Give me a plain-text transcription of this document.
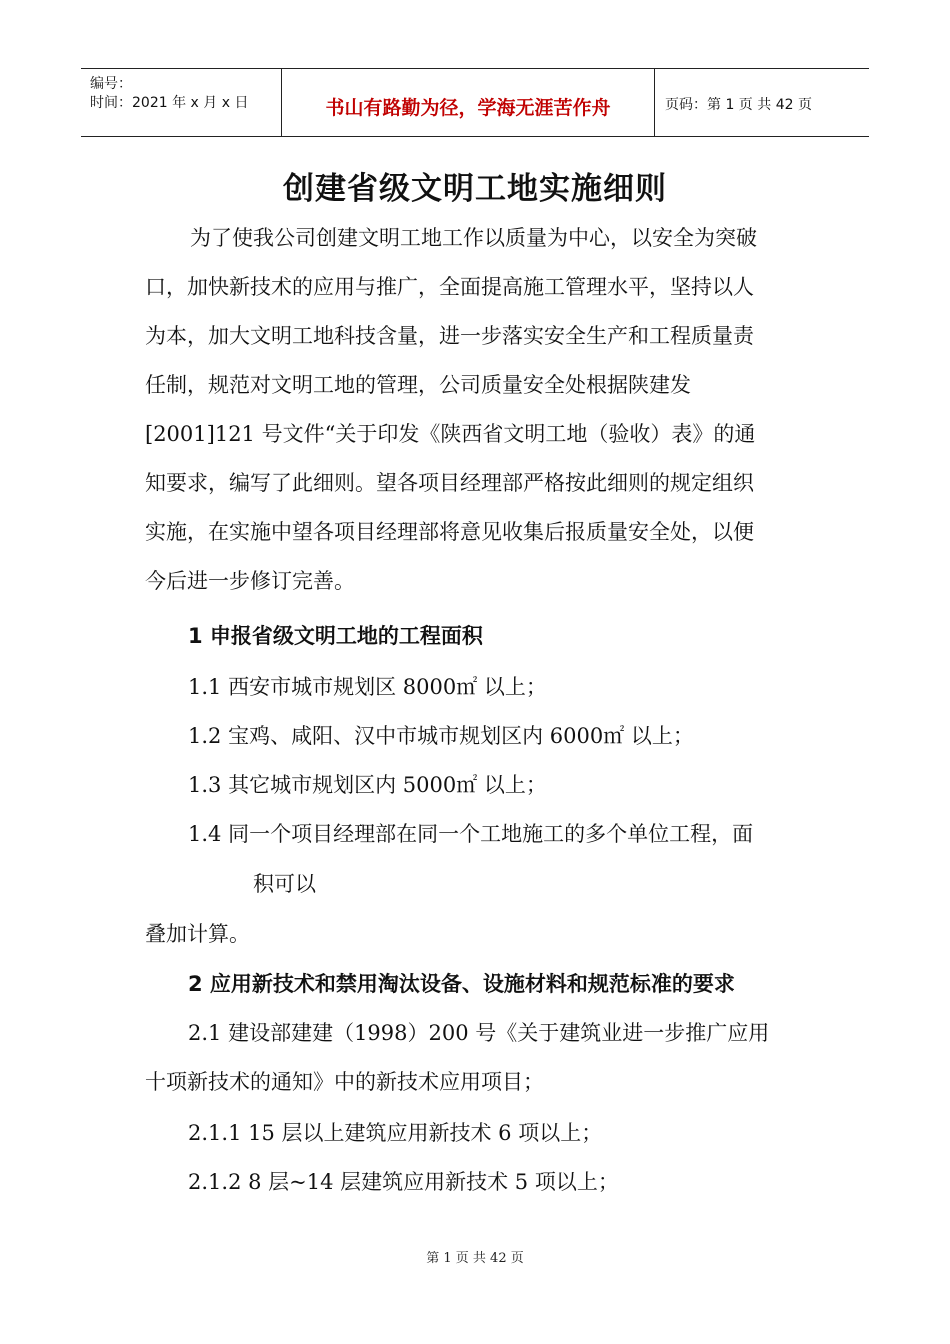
编号：
时间：2021 年 x 月 x 日	书山有路勤为径，学海无涯苦作舟	页码：第 1 页 共 42 页
创建省级文明工地实施细则
为了使我公司创建文明工地工作以质量为中心，以安全为突破
口，加快新技术的应用与推广，全面提高施工管理水平，坚持以人
为本，加大文明工地科技含量，进一步落实安全生产和工程质量责
任制，规范对文明工地的管理，公司质量安全处根据陕建发
[2001]121 号文件“关于印发《陕西省文明工地（验收）表》的通
知要求，编写了此细则。望各项目经理部严格按此细则的规定组织
实施，在实施中望各项目经理部将意见收集后报质量安全处，以便
今后进一步修订完善。
1 申报省级文明工地的工程面积
1.1 西安市城市规划区 8000㎡ 以上；
1.2 宝鸡、咸阳、汉中市城市规划区内 6000㎡ 以上；
1.3 其它城市规划区内 5000㎡ 以上；
1.4 同一个项目经理部在同一个工地施工的多个单位工程，面
积可以
叠加计算。
2 应用新技术和禁用淘汰设备、设施材料和规范标准的要求
2.1 建设部建建（1998）200 号《关于建筑业进一步推广应用
十项新技术的通知》中的新技术应用项目；
2.1.1 15 层以上建筑应用新技术 6 项以上；
2.1.2 8 层~14 层建筑应用新技术 5 项以上；
第 1 页 共 42 页
